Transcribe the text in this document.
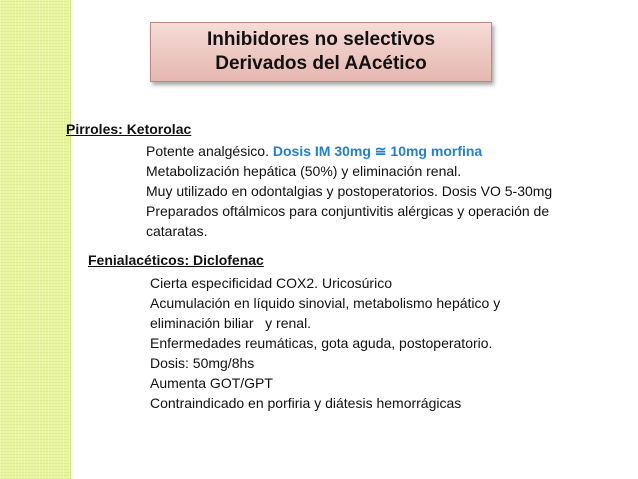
Inhibidores no selectivos
Derivados del AAcético
Pirroles: Ketorolac
Potente analgésico. Dosis IM 30mg ≅ 10mg morfina
Metabolización hepática (50%) y eliminación renal.
Muy utilizado en odontalgias y postoperatorios. Dosis VO 5-30mg
Preparados oftálmicos para conjuntivitis alérgicas y operación de
cataratas.
Fenialacéticos: Diclofenac
Cierta especificidad COX2. Uricosúrico
Acumulación en líquido sinovial, metabolismo hepático y
eliminación biliar   y renal.
Enfermedades reumáticas, gota aguda, postoperatorio.
Dosis: 50mg/8hs
Aumenta GOT/GPT
Contraindicado en porfiria y diátesis hemorrágicas
